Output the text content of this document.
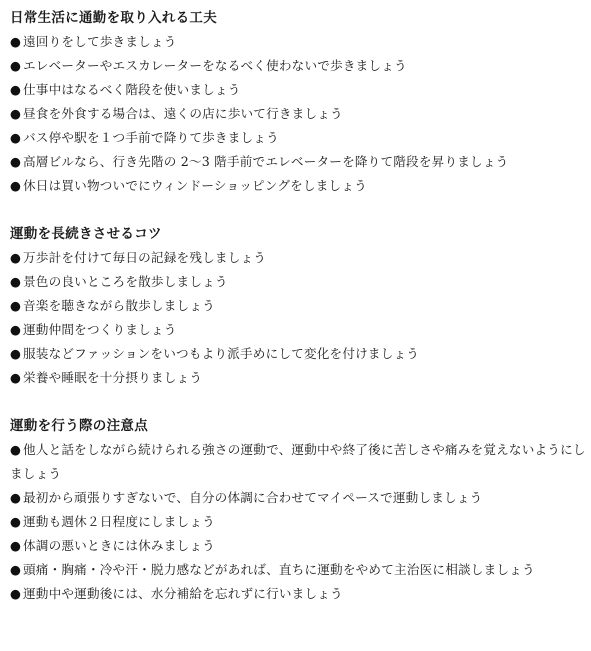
日常生活に通勤を取り入れる工夫
● 遠回りをして歩きましょう
● エレベーターやエスカレーターをなるべく使わないで歩きましょう
● 仕事中はなるべく階段を使いましょう
● 昼食を外食する場合は、遠くの店に歩いて行きましょう
● バス停や駅を１つ手前で降りて歩きましょう
● 高層ビルなら、行き先階の 2～3 階手前でエレベーターを降りて階段を昇りましょう
● 休日は買い物ついでにウィンドーショッピングをしましょう
運動を長続きさせるコツ
● 万歩計を付けて毎日の記録を残しましょう
● 景色の良いところを散歩しましょう
● 音楽を聴きながら散歩しましょう
● 運動仲間をつくりましょう
● 服装などファッションをいつもより派手めにして変化を付けましょう
● 栄養や睡眠を十分摂りましょう
運動を行う際の注意点
● 他人と話をしながら続けられる強さの運動で、運動中や終了後に苦しさや痛みを覚えないようにしましょう
● 最初から頑張りすぎないで、自分の体調に合わせてマイペースで運動しましょう
● 運動も週休２日程度にしましょう
● 体調の悪いときには休みましょう
● 頭痛・胸痛・冷や汗・脱力感などがあれば、直ちに運動をやめて主治医に相談しましょう
● 運動中や運動後には、水分補給を忘れずに行いましょう
